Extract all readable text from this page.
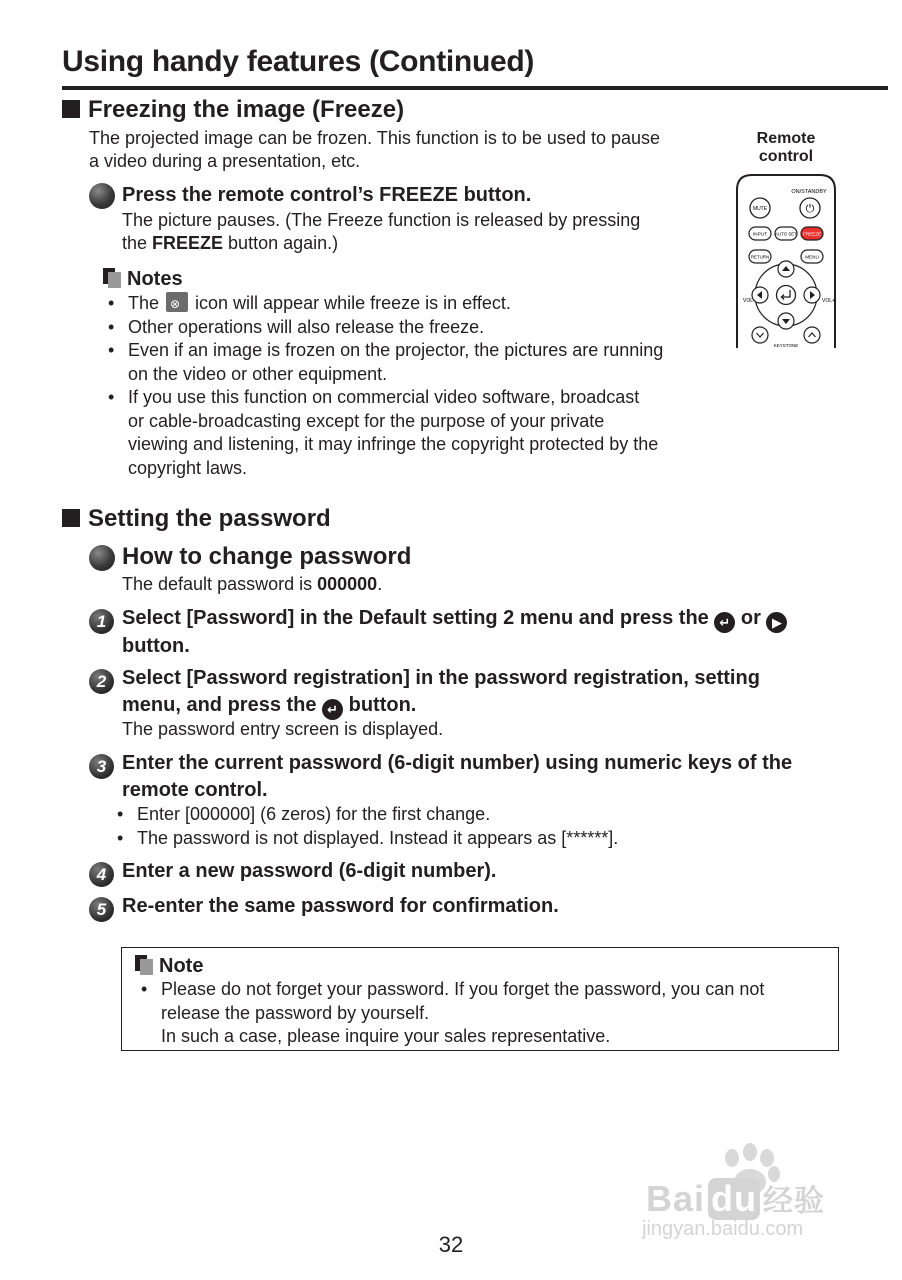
Using handy features (Continued)
Freezing the image (Freeze)
The projected image can be frozen. This function is to be used to pause
a video during a presentation, etc.
Press the remote control’s FREEZE button.
The picture pauses. (The Freeze function is released by pressing
the FREEZE button again.)
Notes
• The ⊗ icon will appear while freeze is in effect.
• Other operations will also release the freeze.
• Even if an image is frozen on the projector, the pictures are running
on the video or other equipment.
• If you use this function on commercial video software, broadcast
or cable-broadcasting except for the purpose of your private
viewing and listening, it may infringe the copyright protected by the
copyright laws.
Remote
control
ON/STANDBY
MUTE	⏻
INPUT AUTO SET FREEZE
RETURN	MENU
VOL-	VOL+
KEYSTONE
Setting the password
How to change password
The default password is 000000.
1 Select [Password] in the Default setting 2 menu and press the ↵ or ▶
button.
2 Select [Password registration] in the password registration, setting
menu, and press the ↵ button.
The password entry screen is displayed.
3 Enter the current password (6-digit number) using numeric keys of the
remote control.
• Enter [000000] (6 zeros) for the first change.
• The password is not displayed. Instead it appears as [******].
4 Enter a new password (6-digit number).
5 Re-enter the same password for confirmation.
Note
• Please do not forget your password. If you forget the password, you can not
release the password by yourself.
In such a case, please inquire your sales representative.
Bai du 经验
jingyan.baidu.com
32
